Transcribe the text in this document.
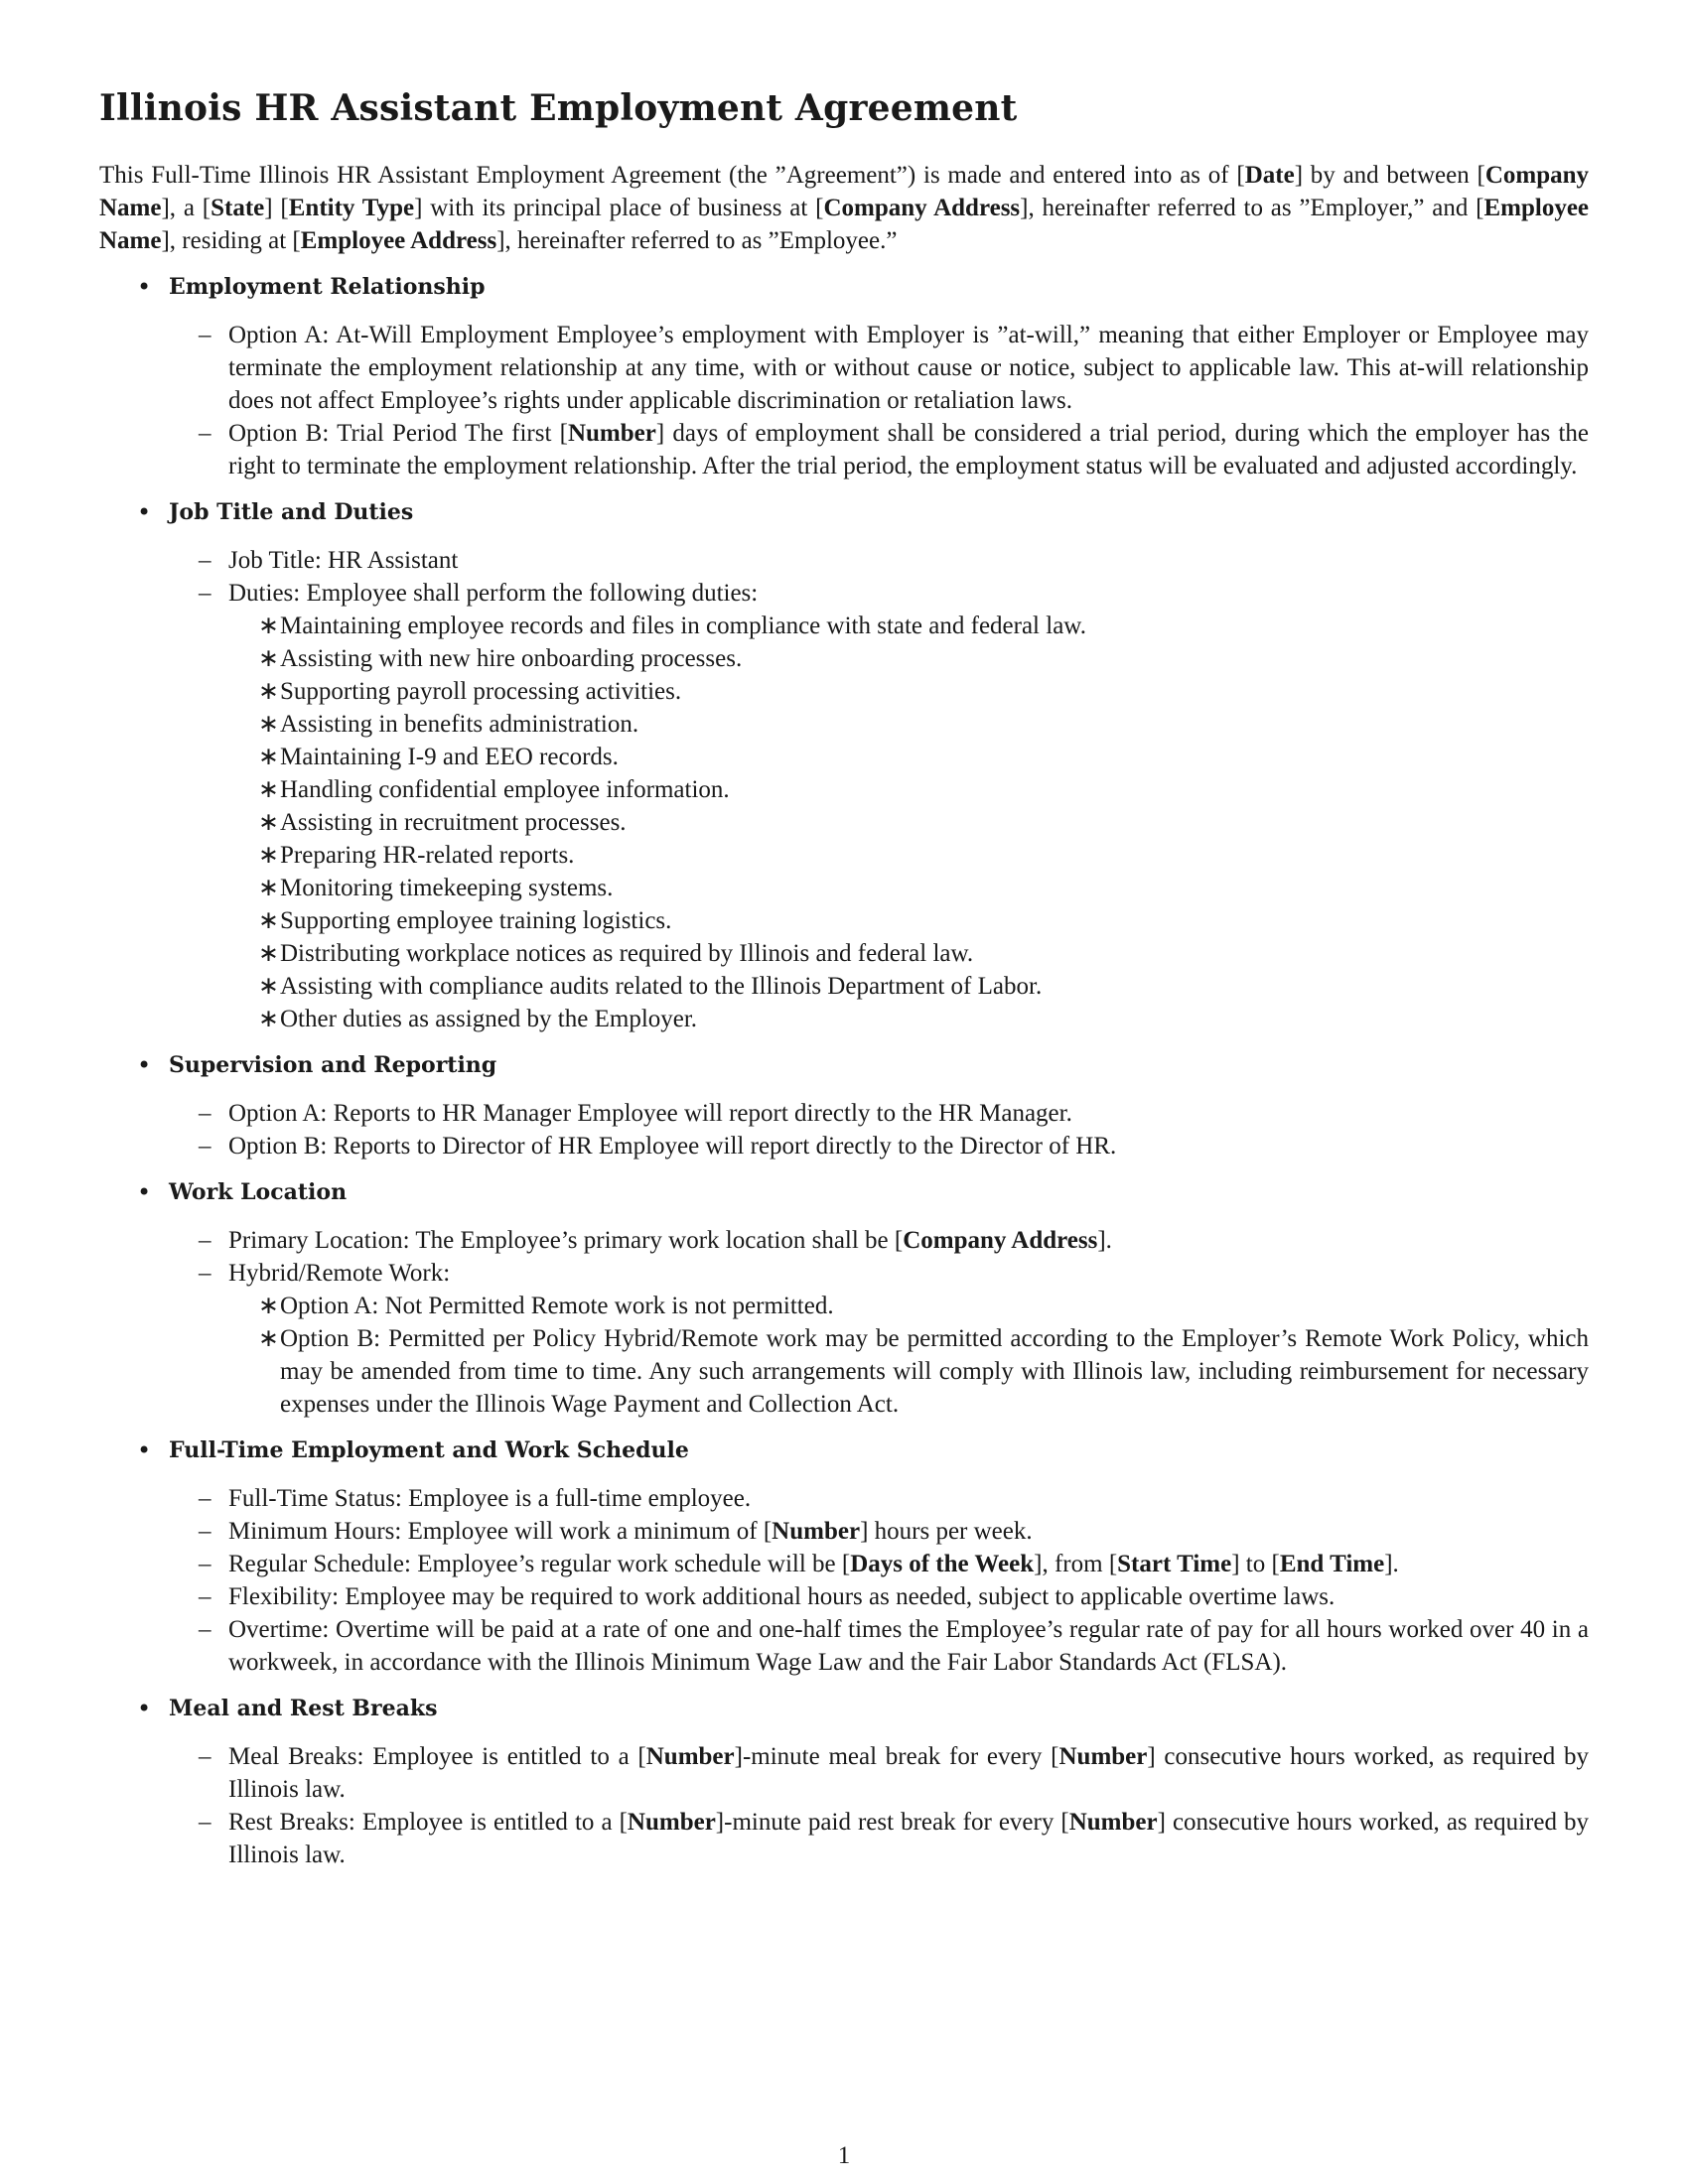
Illinois HR Assistant Employment Agreement

This Full-Time Illinois HR Assistant Employment Agreement (the ”Agreement”) is made and entered into as of [Date] by and between [Company Name], a [State] [Entity Type] with its principal place of business at [Company Address], hereinafter referred to as ”Employer,” and [Employee Name], residing at [Employee Address], hereinafter referred to as ”Employee.”

• Employment Relationship
– Option A: At-Will Employment Employee’s employment with Employer is ”at-will,” meaning that either Employer or Employee may terminate the employment relationship at any time, with or without cause or notice, subject to applicable law. This at-will relationship does not affect Employee’s rights under applicable discrimination or retaliation laws.
– Option B: Trial Period The first [Number] days of employment shall be considered a trial period, during which the employer has the right to terminate the employment relationship. After the trial period, the employment status will be evaluated and adjusted accordingly.
• Job Title and Duties
– Job Title: HR Assistant
– Duties: Employee shall perform the following duties:
∗ Maintaining employee records and files in compliance with state and federal law.
∗ Assisting with new hire onboarding processes.
∗ Supporting payroll processing activities.
∗ Assisting in benefits administration.
∗ Maintaining I-9 and EEO records.
∗ Handling confidential employee information.
∗ Assisting in recruitment processes.
∗ Preparing HR-related reports.
∗ Monitoring timekeeping systems.
∗ Supporting employee training logistics.
∗ Distributing workplace notices as required by Illinois and federal law.
∗ Assisting with compliance audits related to the Illinois Department of Labor.
∗ Other duties as assigned by the Employer.
• Supervision and Reporting
– Option A: Reports to HR Manager Employee will report directly to the HR Manager.
– Option B: Reports to Director of HR Employee will report directly to the Director of HR.
• Work Location
– Primary Location: The Employee’s primary work location shall be [Company Address].
– Hybrid/Remote Work:
∗ Option A: Not Permitted Remote work is not permitted.
∗ Option B: Permitted per Policy Hybrid/Remote work may be permitted according to the Employer’s Remote Work Policy, which may be amended from time to time. Any such arrangements will comply with Illinois law, including reimbursement for necessary expenses under the Illinois Wage Payment and Collection Act.
• Full-Time Employment and Work Schedule
– Full-Time Status: Employee is a full-time employee.
– Minimum Hours: Employee will work a minimum of [Number] hours per week.
– Regular Schedule: Employee’s regular work schedule will be [Days of the Week], from [Start Time] to [End Time].
– Flexibility: Employee may be required to work additional hours as needed, subject to applicable overtime laws.
– Overtime: Overtime will be paid at a rate of one and one-half times the Employee’s regular rate of pay for all hours worked over 40 in a workweek, in accordance with the Illinois Minimum Wage Law and the Fair Labor Standards Act (FLSA).
• Meal and Rest Breaks
– Meal Breaks: Employee is entitled to a [Number]-minute meal break for every [Number] consecutive hours worked, as required by Illinois law.
– Rest Breaks: Employee is entitled to a [Number]-minute paid rest break for every [Number] consecutive hours worked, as required by Illinois law.
1
